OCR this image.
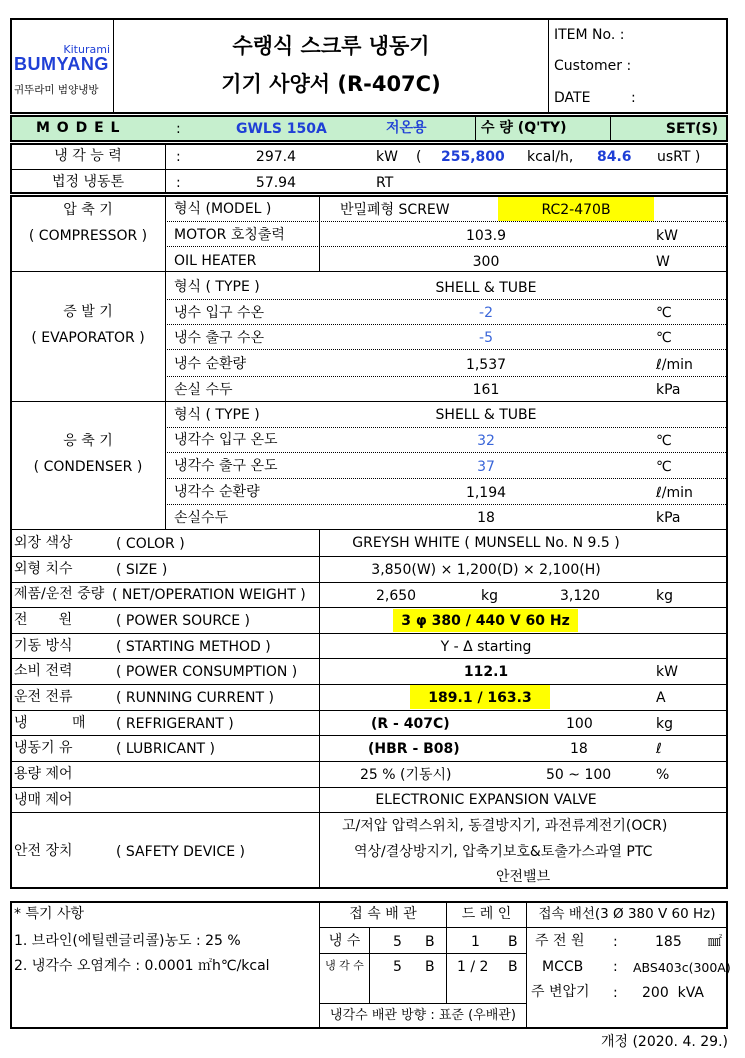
Kiturami
BUMYANG
귀뚜라미 범양냉방
수랭식 스크루 냉동기
기기 사양서 (R-407C)
ITEM No. :
Customer :
DATE	:
M O D E L	:	GWLS 150A	저온용	수 량 (Q'TY)	SET(S)
냉 각 능 력	:	297.4	kW ( 255,800 kcal/h, 84.6 usRT )
법정 냉동톤	:	57.94	RT
압 축 기
( COMPRESSOR )
형식 (MODEL )	반밀폐형 SCREW	RC2-470B
MOTOR 호칭출력	103.9	kW
OIL HEATER	300	W
증 발 기
( EVAPORATOR )
형식 ( TYPE )	SHELL & TUBE
냉수 입구 수온	-2	℃
냉수 출구 수온	-5	℃
냉수 순환량	1,537	ℓ/min
손실 수두	161	kPa
응 축 기
( CONDENSER )
형식 ( TYPE )	SHELL & TUBE
냉각수 입구 온도	32	℃
냉각수 출구 온도	37	℃
냉각수 순환량	1,194	ℓ/min
손실수두	18	kPa
외장 색상	( COLOR )	GREYSH WHITE ( MUNSELL No. N 9.5 )
외형 치수	( SIZE )	3,850(W) × 1,200(D) × 2,100(H)
제품/운전 중량 ( NET/OPERATION WEIGHT )	2,650	kg	3,120	kg
전       원	( POWER SOURCE )	3 φ 380 / 440 V 60 Hz
기동 방식	( STARTING METHOD )	Y - Δ starting
소비 전력	( POWER CONSUMPTION )	112.1	kW
운전 전류	( RUNNING CURRENT )	189.1 / 163.3	A
냉          매 ( REFRIGERANT )	(R - 407C)	100	kg
냉동기 유	( LUBRICANT )	(HBR - B08)	18	ℓ
용량 제어	25 % (기동시)	50 ~ 100	%
냉매 제어	ELECTRONIC EXPANSION VALVE
안전 장치	( SAFETY DEVICE )
고/저압 압력스위치, 동결방지기, 과전류계전기(OCR)
역상/결상방지기, 압축기보호&토출가스과열 PTC
안전밸브
* 특기 사항
1. 브라인(에틸렌글리콜)농도 : 25 %
2. 냉각수 오염계수 : 0.0001 ㎡h℃/kcal
접 속 배 관	드 레 인
냉 수	5 B	1 B
냉 각 수	5 B 1 / 2 B
냉각수 배관 방향 : 표준 (우배관)
접속 배선(3 Ø 380 V 60 Hz)
주 전 원 :	185 ㎟
MCCB : ABS403c(300A)
주 변압기 : 200  kVA
개정 (2020. 4. 29.)
